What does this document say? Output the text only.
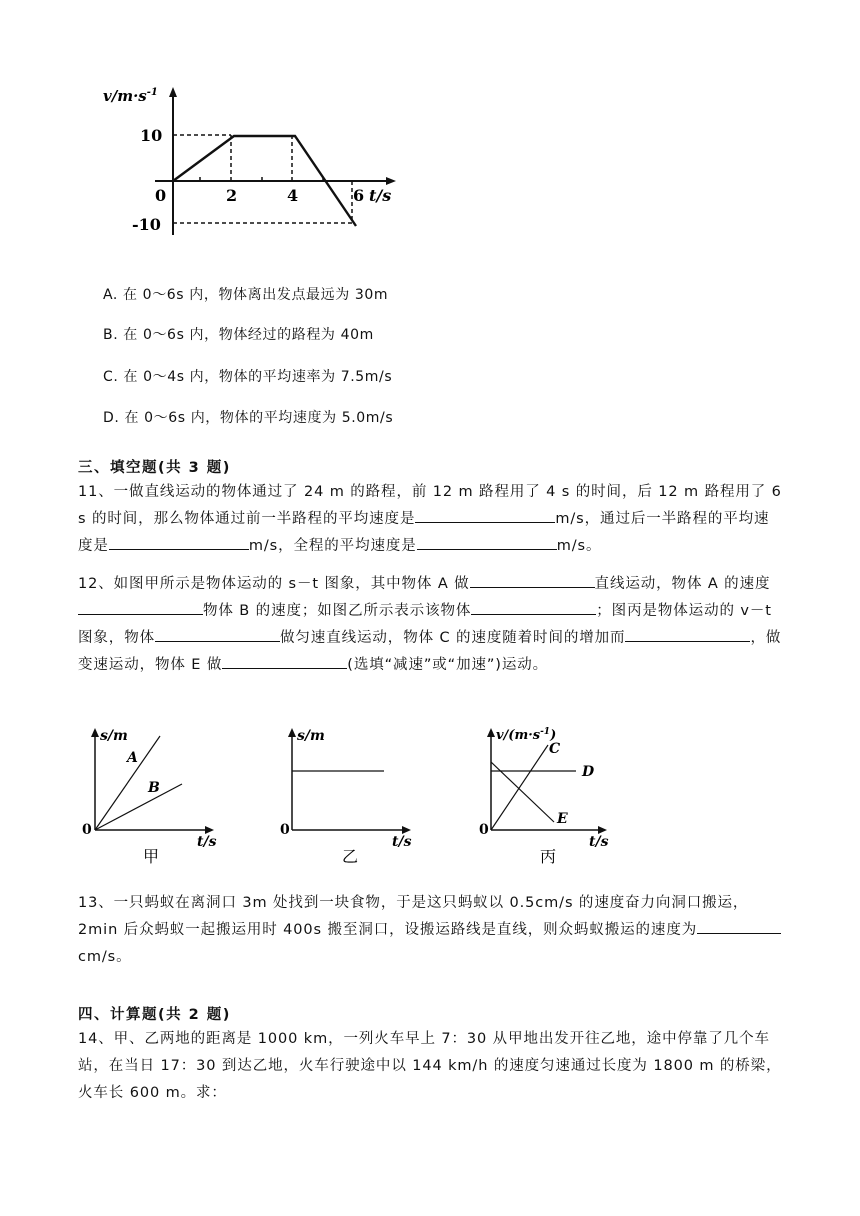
$v/m\cdot s^{-1}$
10
0	2	4	6 t/s
-10
A. 在 0～6s 内，物体离出发点最远为 30m
B. 在 0～6s 内，物体经过的路程为 40m
C. 在 0～4s 内，物体的平均速率为 7.5m/s
D. 在 0～6s 内，物体的平均速度为 5.0m/s
三、填空题(共 3 题)
11、一做直线运动的物体通过了 24 m 的路程，前 12 m 路程用了 4 s 的时间，后 12 m 路程用了 6 s 的时间，那么物体通过前一半路程的平均速度是	m/s，通过后一半路程的平均速度是	m/s，全程的平均速度是	m/s。
12、如图甲所示是物体运动的 s－t 图象，其中物体 A 做	直线运动，物体 A 的速度物体 B 的速度；如图乙所示表示该物体	；图丙是物体运动的 v－t 图象，物体	做匀速直线运动，物体 C 的速度随着时间的增加而	，做变速运动，物体 E 做	(选填“减速”或“加速”)运动。
s/m
A
B
0
t/s
甲
s/m
0
t/s
乙
$v/(m\cdot s^{-1})$
C
D
E
0
t/s
丙
13、一只蚂蚁在离洞口 3m 处找到一块食物，于是这只蚂蚁以 0.5cm/s 的速度奋力向洞口搬运，2min 后众蚂蚁一起搬运用时 400s 搬至洞口，设搬运路线是直线，则众蚂蚁搬运的速度为cm/s。
四、计算题(共 2 题)
14、甲、乙两地的距离是 1000 km，一列火车早上 7：30 从甲地出发开往乙地，途中停靠了几个车站，在当日 17：30 到达乙地，火车行驶途中以 144 km/h 的速度匀速通过长度为 1800 m 的桥梁，火车长 600 m。求：
